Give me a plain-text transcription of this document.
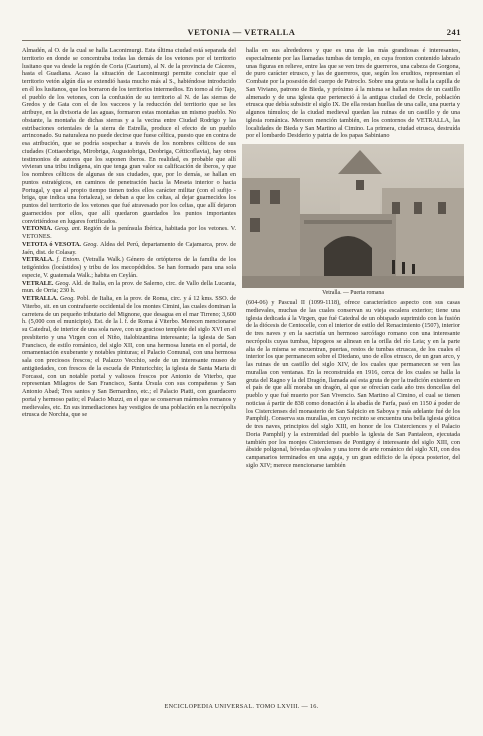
VETONIA — VETRALLA	241

Almadén, al O. de la cual se halla Laconimurgi. Esta última ciudad está separada del territorio en donde se concentraba todas las demás de los vetones por el territorio lusitano que va desde la región de Coria (Caurium), al N. de la provincia de Cáceres, hasta el Guadiana. Acaso la situación de Laconimurgi permite concluir que el territorio vetón algún día se extendió hasta mucho más al S., habiéndose introducido en él los lusitanos, que los borraron de los territorios intermedios. En torno al río Tajo, el pueblo de los vetones, con la confusión de su territorio al N. de las sierras de Gredos y de Gata con el de los vacceos y la reducción del territorio que se les atribuye, en la divisoria de las aguas, formaron estas montañas un mismo pueblo. No obstante, la montaña de dichas sierras y a la vecina entre Ciudad Rodrigo y las estribaciones orientales de la sierra de Estrella, produce el efecto de un pueblo arrinconado. Su naturaleza no puede decirse que fuese céltica, puesto que en contra de esa atribución, que se podría sospechar a través de los nombres célticos de sus ciudades (Cottaeobriga, Mirobriga, Augustobriga, Deobriga, Cétticoflavia), hay otros testimonios de autores que los suponen íberos. En realidad, es probable que allí vivieran una tribu indígena, sin que tenga gran valor su calificación de íberos, y que los nombres célticos de algunas de sus ciudades, que, por lo demás, se hallan en puntos estratégicos, en caminos de penetración hacia la Meseta interior o hacia Portugal, y que al propio tiempo tienen todos ellos carácter militar (con el sufijo -briga, que indica una fortaleza), se deban a que los celtas, al dejar guarnecidos los puntos del territorio de los vetones que fué atravesado por los celtas, que allí dejaron guarnecidos por ellos, que allí quedaron guardados los puntos importantes convirtiéndose en lugares fortificados.

VETONIA. Geog. ant. Región de la península Ibérica, habitada por los vetones. V. VETONES.

VETOTA ó VESOTA. Geog. Aldea del Perú, departamento de Cajamarca, prov. de Jaén, dist. de Colasay.

VETRALA. f. Entom. (Vetralla Walk.) Género de ortópteros de la familia de los tetigónidos (locústidos) y tribu de los mecopódidos. Se han formado para una sola especie, V. guatemala Walk.; habita en Ceylán.

VETRALE. Geog. Ald. de Italia, en la prov. de Salerno, circ. de Vallo della Lucania, mun. de Orria; 230 h.

VETRALLA. Geog. Pobl. de Italia, en la prov. de Roma, circ. y á 12 kms. SSO. de Viterbo, sit. en un contrafuerte occidental de los montes Cimini, las cuales dominan la carretera de un pequeño tributario del Mignone, que desagua en el mar Tirreno; 3,600 h. (5,000 con el municipio). Est. de la l. f. de Roma á Viterbo. Merecen mencionarse su Catedral, de interior de una sola nave, con un gracioso templete del siglo XVI en el presbiterio y una Virgen con el Niño, italobizantina interesante; la iglesia de San Francisco, de estilo románico, del siglo XII, con una hermosa luneta en el portal, de ornamentación exuberante y notables pinturas; el Palacio Comunal, con una hermosa sala con preciosos frescos; el Palazzo Vecchio, sede de un interesante museo de antigüedades, con frescos de la escuela de Pinturicchio; la iglesia de Santa Maria di Forcassi, con un notable portal y valiosos frescos por Antonio de Viterbo, que representan Milagros de San Francisco, Santa Úrsula con sus compañeras y San Antonio Abad; Tres santos y San Bernardino, etc.; el Palacio Piatti, con guardacero portal y hermoso patio; el Palacio Muzzi, en el que se conservan mármoles romanos y medievales, etc. En sus inmediaciones hay vestigios de una población en la necrópolis etrusca de Norchia, que se

halla en sus alrededores y que es una de las más grandiosas é interesantes, especialmente por las llamadas tumbas de templo, en cuya fronton contenido labrado unas figuras en relieve, entre las que se ven tres de guerreros, una cabeza de Gorgona, de puro carácter etrusco, y las de guerreros, que, según los eruditos, representan el Combate por la posesión del cuerpo de Patroclo. Sobre una gruta se halla la capilla de San Viviano, patrono de Bieda, y próximo á la misma se hallan restos de un castillo almenado y de una iglesia que perteneció á la antigua ciudad de Orcle, población etrusca que debía subsistir el siglo IX. De ella restan huellas de una calle, una puerta y algunos túmulos; de la ciudad medieval quedan las ruinas de un castillo y de una iglesia románica. Merecen mención también, en los contornos de VETRALLA, las localidades de Bieda y San Martino al Cimino. La primera, ciudad etrusca, destruída por el lombardo Desiderio y patria de los papas Sabiniano

Vetralla. — Puerta romana

(604-06) y Pascual II (1099-1118), ofrece característico aspecto con sus casas medievales, muchas de las cuales conservan su vieja escalera exterior; tiene una iglesia dedicada á la Virgen, que fué Catedral de un obispado suprimido con la fusión de la diócesis de Centocelle, con el interior de estilo del Renacimiento (1507), interior de tres naves y en la sacristía un hermoso sarcófago romano con una interesante necrópolis cuyas tumbas, hipogeos se alinean en la orilla del río Leia; y en la parte alta de la misma se encuentran, puertas, restos de tumbas etruscas, de los cuales el interior los que permanecen sobre el Diedano, uno de ellos etrusco, de un gran arco, y las ruinas de un castillo del siglo XIV, de los cuales que permanecen se ven las murallas con ventanas. En la reconstruída en 1916, cerca de los cuales se halla la gruta del Ragno y la del Dragón, llamada así esta gruta de por la tradición existente en el país de que allí moraba un dragón, al que se ofrecían cada año tres doncellas del pueblo y que fué muerto por San Vivencio. San Martino al Cimino, el cual se tienen noticias á partir de 838 como donación á la abadía de Farfa, pasó en 1150 á poder de los Cistercienses del monasterio de San Salpicio en Saboya y más adelante fué de los Pamphilj. Conserva sus murallas, en cuyo recinto se encuentra una bella iglesia gótica de tres naves, principios del siglo XIII, en honor de los Cisterciences y el Palacio Doria Pamphilj y la extremidad del pueblo la iglesia de San Pantaleon, ejecutada también por los monjes Cistercienses de Pontigny é interesante del siglo XIII, con ábside poligonal, bóvedas ojivales y una torre de arte románico del siglo XII, con dos campanarios terminados en una aguja, y un gran edificio de la época posterior, del siglo XIV; merece mencionarse también

ENCICLOPEDIA UNIVERSAL. TOMO LXVIII. — 16.
